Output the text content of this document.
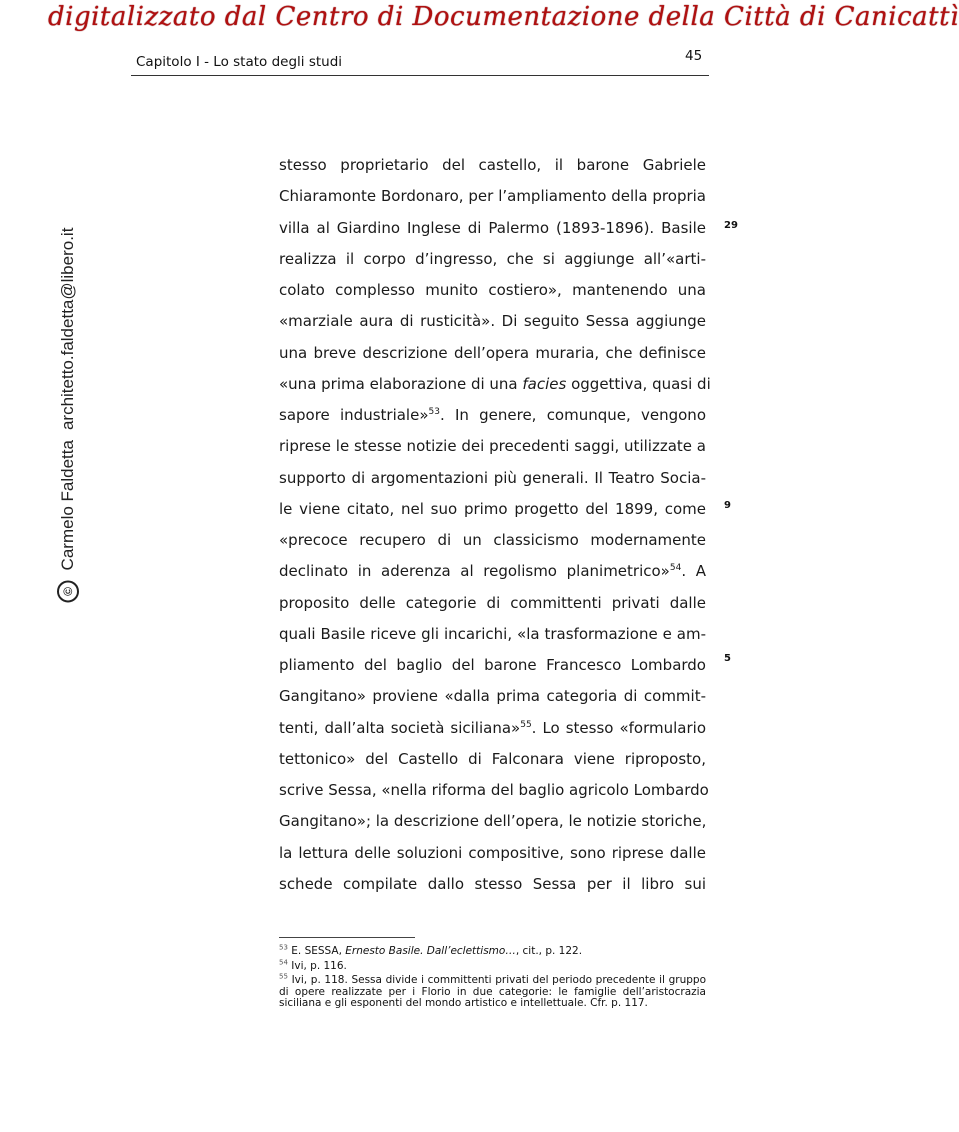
digitalizzato dal Centro di Documentazione della Città di Canicattì
Capitolo I - Lo stato degli studi	45
©
Carmelo Faldetta
architetto.faldetta@libero.it
stesso proprietario del castello, il barone Gabriele
Chiaramonte Bordonaro, per l’ampliamento della propria
villa al Giardino Inglese di Palermo (1893-1896). Basile
realizza il corpo d’ingresso, che si aggiunge all’«arti-
colato complesso munito costiero», mantenendo una
«marziale aura di rusticità». Di seguito Sessa aggiunge
una breve descrizione dell’opera muraria, che definisce
«una prima elaborazione di una facies oggettiva, quasi di
sapore industriale»$^{53}$. In genere, comunque, vengono
riprese le stesse notizie dei precedenti saggi, utilizzate a
supporto di argomentazioni più generali. Il Teatro Socia-
le viene citato, nel suo primo progetto del 1899, come
«precoce recupero di un classicismo modernamente
declinato in aderenza al regolismo planimetrico»$^{54}$. A
proposito delle categorie di committenti privati dalle
quali Basile riceve gli incarichi, «la trasformazione e am-
pliamento del baglio del barone Francesco Lombardo
Gangitano» proviene «dalla prima categoria di commit-
tenti, dall’alta società siciliana»$^{55}$. Lo stesso «formulario
tettonico» del Castello di Falconara viene riproposto,
scrive Sessa, «nella riforma del baglio agricolo Lombardo
Gangitano»; la descrizione dell’opera, le notizie storiche,
la lettura delle soluzioni compositive, sono riprese dalle
schede compilate dallo stesso Sessa per il libro sui
29
9
5
$^{53}$ E. SESSA, Ernesto Basile. Dall’eclettismo…, cit., p. 122.
$^{54}$ Ivi, p. 116.
$^{55}$ Ivi, p. 118. Sessa divide i committenti privati del periodo precedente il gruppo di opere realizzate per i Florio in due categorie: le famiglie dell’aristocrazia siciliana e gli esponenti del mondo artistico e intellettuale. Cfr. p. 117.
